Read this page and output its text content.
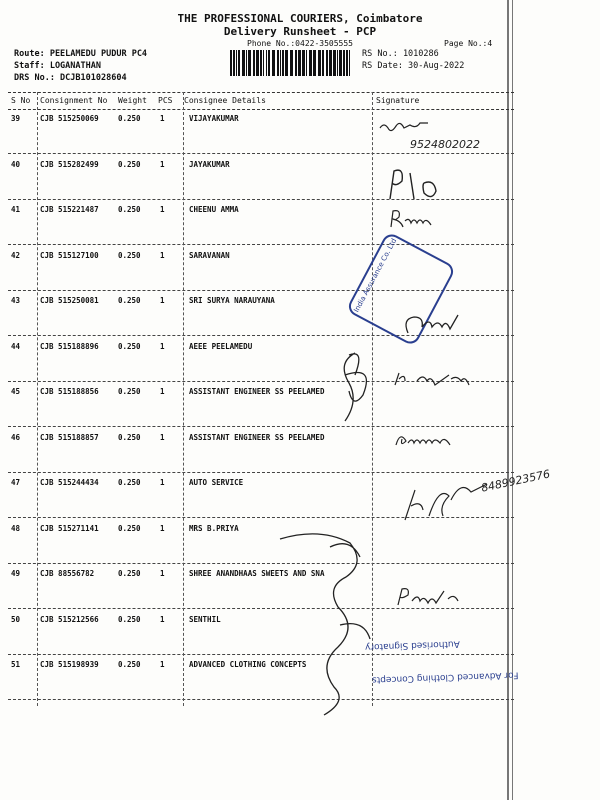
THE PROFESSIONAL COURIERS, Coimbatore
Delivery Runsheet - PCP
Phone No.:0422-3505555	Page No.:4
Route: PEELAMEDU PUDUR PC4
Staff: LOGANATHAN
DRS No.: DCJB101028604
RS No.: 1010286
RS Date: 30-Aug-2022
S No Consignment No Weight PCS Consignee Details	Signature
39	CJB 515250069	0.250	1	VIJAYAKUMAR
40	CJB 515282499	0.250	1	JAYAKUMAR
41	CJB 515221487	0.250	1	CHEENU AMMA
42	CJB 515127100	0.250	1	SARAVANAN
43	CJB 515250081	0.250	1	SRI SURYA NARAUYANA
44	CJB 515188896	0.250	1	AEEE PEELAMEDU
45	CJB 515188856	0.250	1	ASSISTANT ENGINEER SS PEELAMED
46	CJB 515188857	0.250	1	ASSISTANT ENGINEER SS PEELAMED
47	CJB 515244434	0.250	1	AUTO SERVICE
48	CJB 515271141	0.250	1	MRS B.PRIYA
49	CJB 88556782	0.250	1	SHREE ANANDHAAS SWEETS AND SNA
50	CJB 515212566	0.250	1	SENTHIL
51	CJB 515198939	0.250	1	ADVANCED CLOTHING CONCEPTS
9524802022
India Assurance Co. Ltd
8489923576
Authorised Signatory
For Advanced Clothing Concepts
